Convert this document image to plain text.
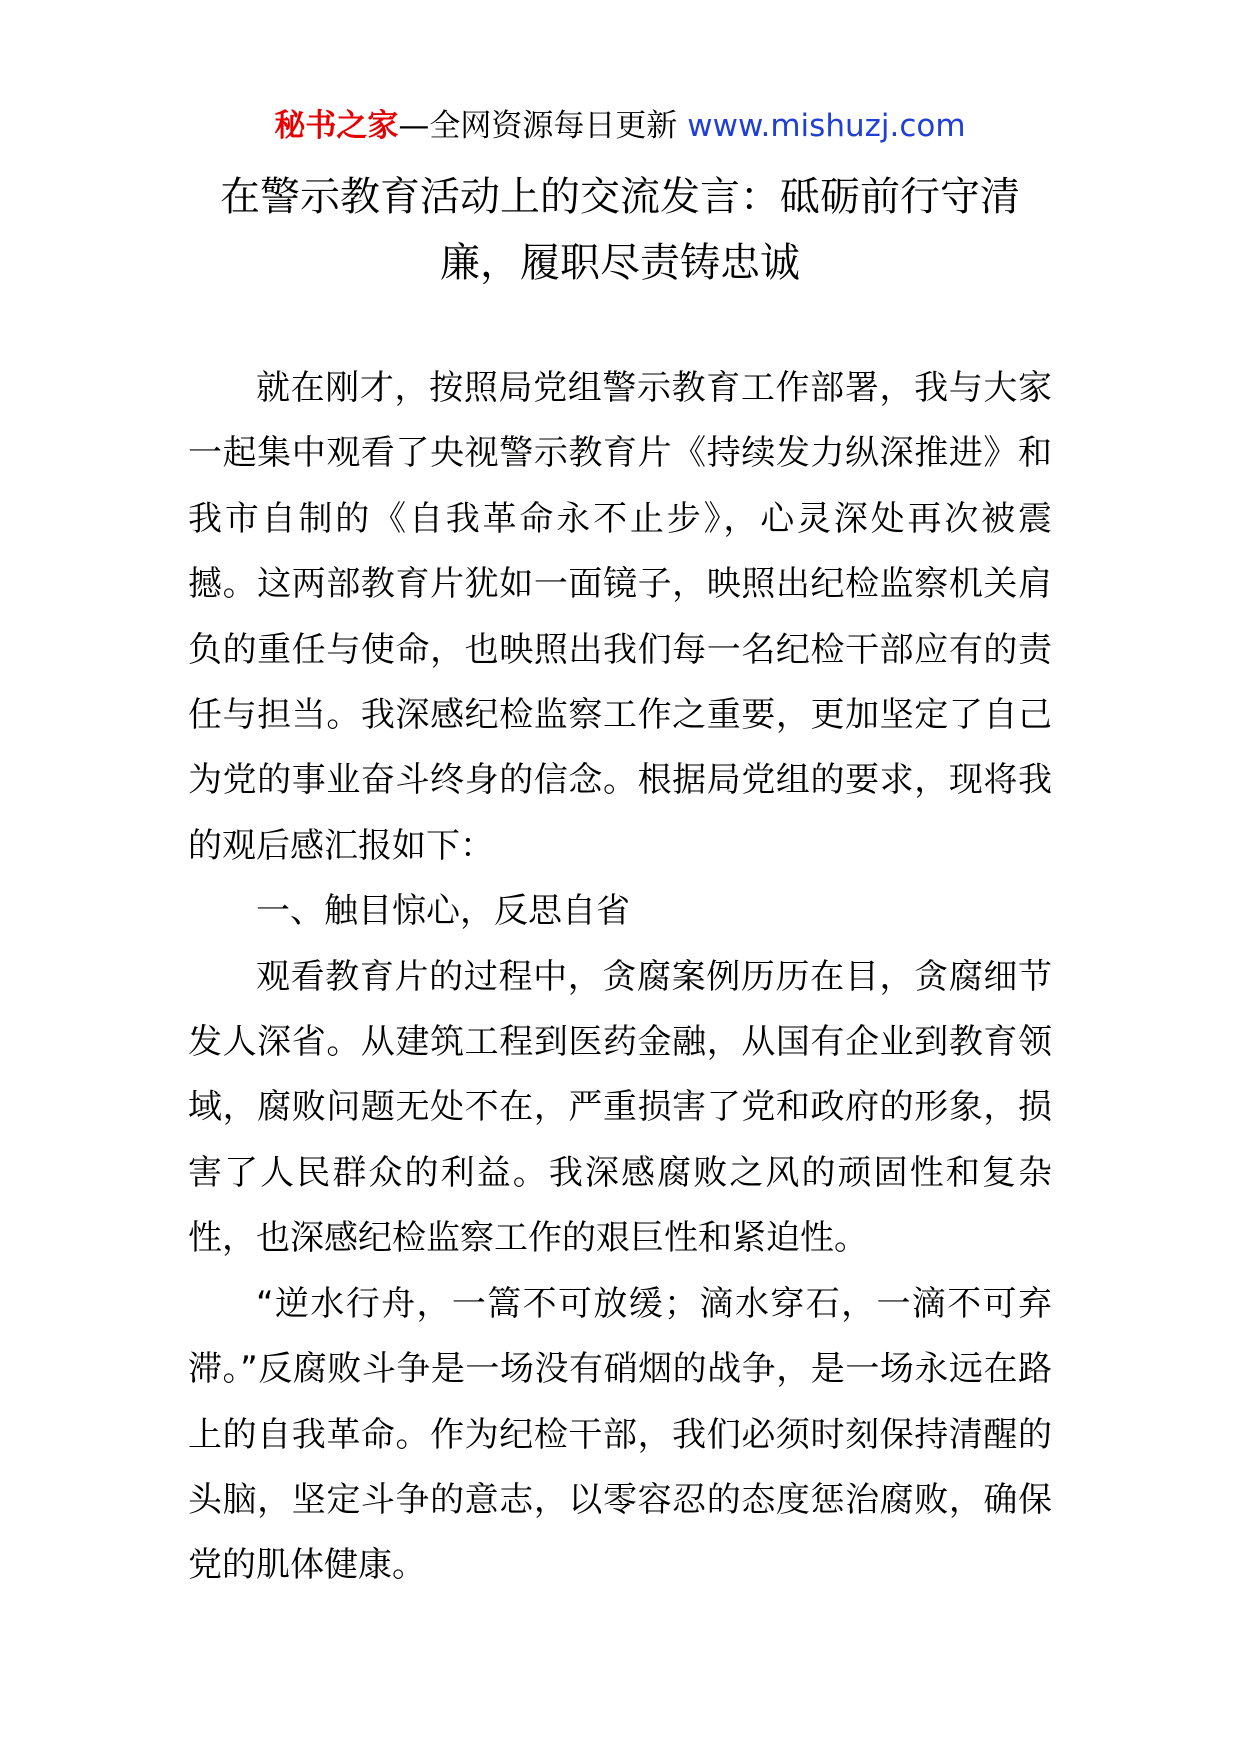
秘书之家—全网资源每日更新 www.mishuzj.com
在警示教育活动上的交流发言：砥砺前行守清廉，履职尽责铸忠诚

就在刚才，按照局党组警示教育工作部署，我与大家一起集中观看了央视警示教育片《持续发力纵深推进》和我市自制的《自我革命永不止步》，心灵深处再次被震撼。这两部教育片犹如一面镜子，映照出纪检监察机关肩负的重任与使命，也映照出我们每一名纪检干部应有的责任与担当。我深感纪检监察工作之重要，更加坚定了自己为党的事业奋斗终身的信念。根据局党组的要求，现将我的观后感汇报如下：

一、触目惊心，反思自省

观看教育片的过程中，贪腐案例历历在目，贪腐细节发人深省。从建筑工程到医药金融，从国有企业到教育领域，腐败问题无处不在，严重损害了党和政府的形象，损害了人民群众的利益。我深感腐败之风的顽固性和复杂性，也深感纪检监察工作的艰巨性和紧迫性。

“逆水行舟，一篙不可放缓；滴水穿石，一滴不可弃滞。”反腐败斗争是一场没有硝烟的战争，是一场永远在路上的自我革命。作为纪检干部，我们必须时刻保持清醒的头脑，坚定斗争的意志，以零容忍的态度惩治腐败，确保党的肌体健康。
